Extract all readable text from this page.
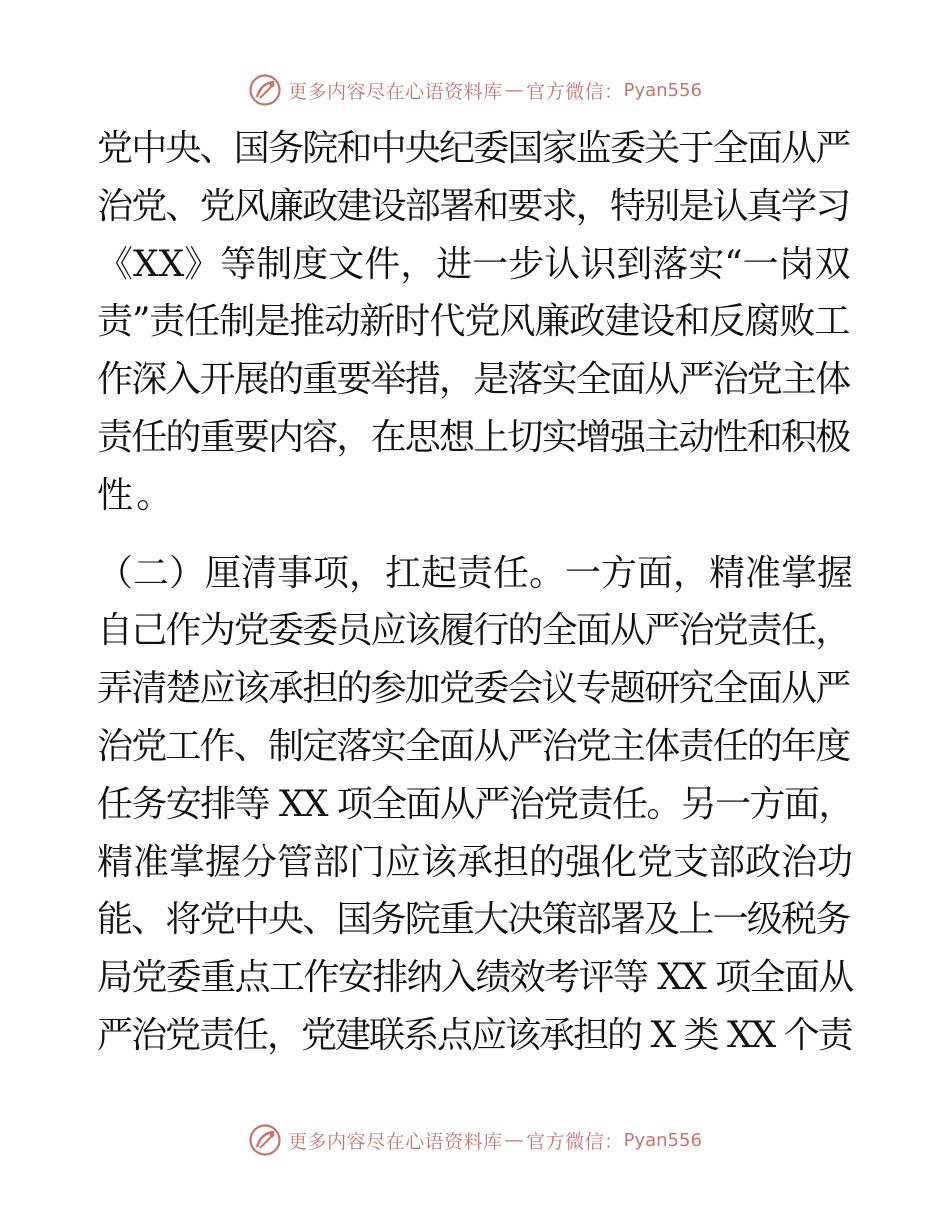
更多内容尽在心语资料库 — 官方微信： Pyan556

党中央、国务院和中央纪委国家监委关于全面从严
治党、党风廉政建设部署和要求，特别是认真学习
《XX》等制度文件，进一步认识到落实“一岗双
责”责任制是推动新时代党风廉政建设和反腐败工
作深入开展的重要举措，是落实全面从严治党主体
责任的重要内容，在思想上切实增强主动性和积极
性。

（二）厘清事项，扛起责任。一方面，精准掌握
自己作为党委委员应该履行的全面从严治党责任，
弄清楚应该承担的参加党委会议专题研究全面从严
治党工作、制定落实全面从严治党主体责任的年度
任务安排等 XX 项全面从严治党责任。另一方面，
精准掌握分管部门应该承担的强化党支部政治功
能、将党中央、国务院重大决策部署及上一级税务
局党委重点工作安排纳入绩效考评等 XX 项全面从
严治党责任，党建联系点应该承担的 X 类 XX 个责

更多内容尽在心语资料库 — 官方微信： Pyan556
